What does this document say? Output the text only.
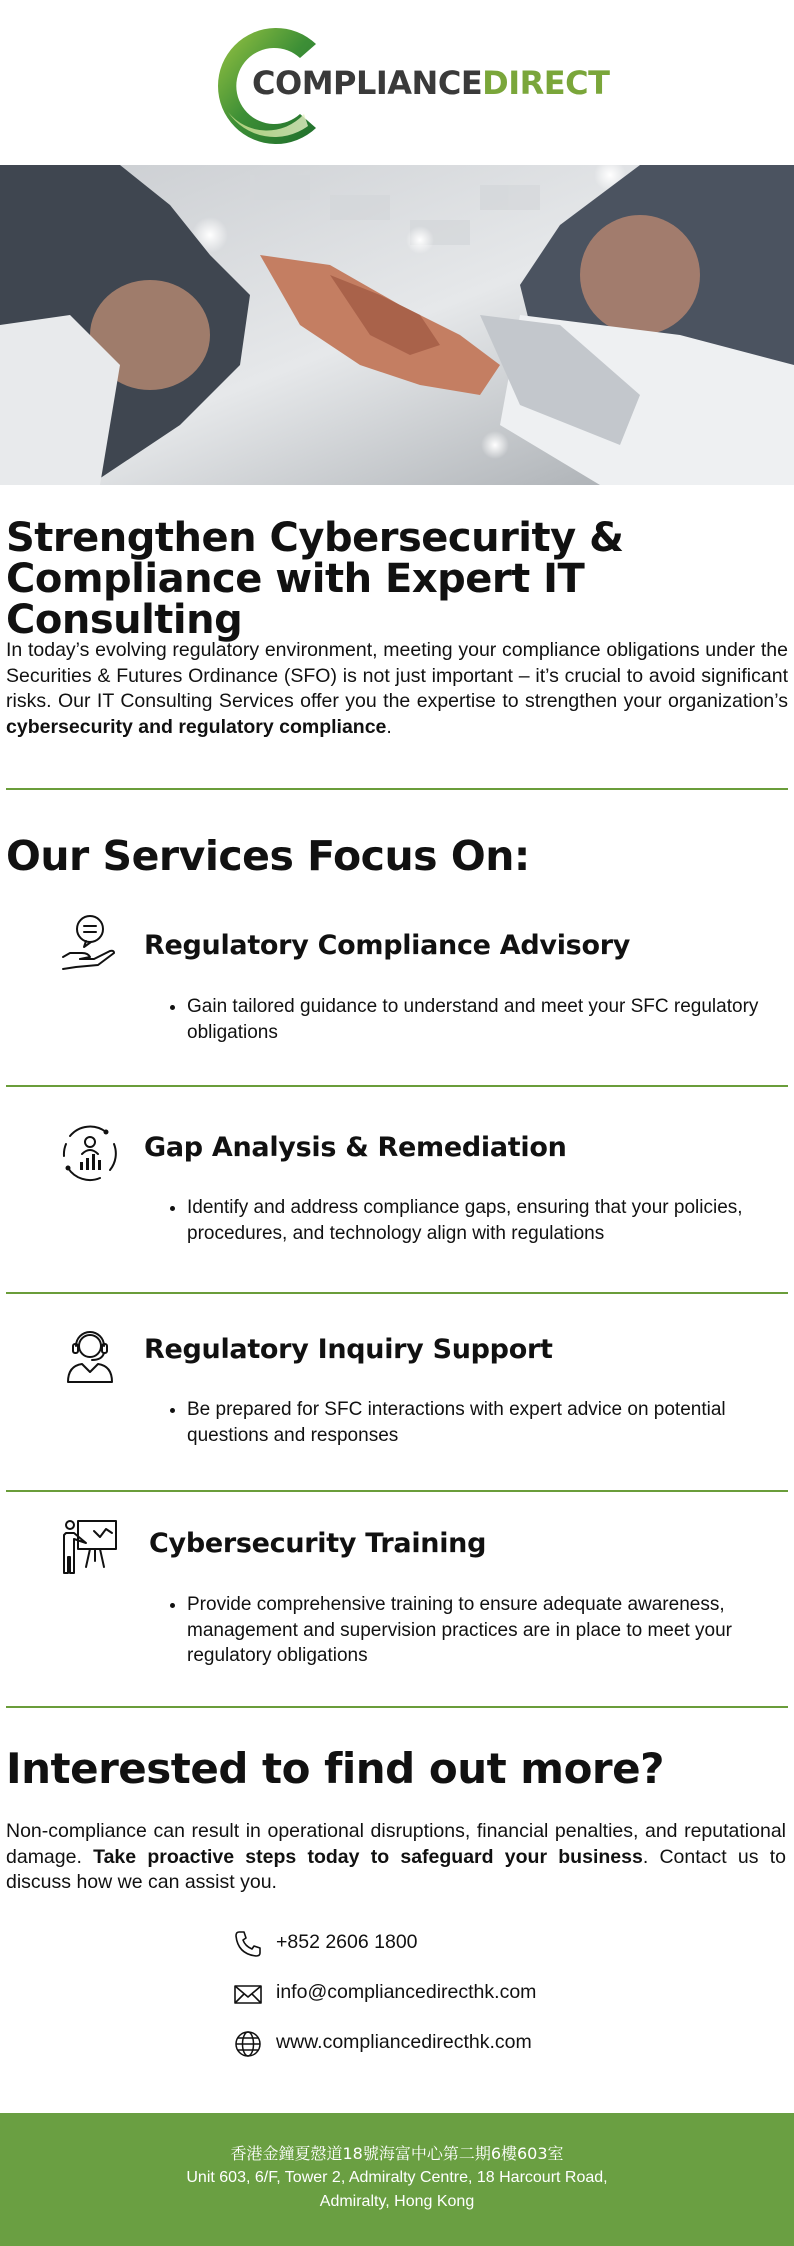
COMPLIANCEDIRECT
Strengthen Cybersecurity & Compliance with Expert IT Consulting

In today’s evolving regulatory environment, meeting your compliance obligations under the Securities & Futures Ordinance (SFO) is not just important – it’s crucial to avoid significant risks. Our IT Consulting Services offer you the expertise to strengthen your organization’s cybersecurity and regulatory compliance.

Our Services Focus On:
Regulatory Compliance Advisory
• Gain tailored guidance to understand and meet your SFC regulatory obligations
Gap Analysis & Remediation
• Identify and address compliance gaps, ensuring that your policies, procedures, and technology align with regulations
Regulatory Inquiry Support
• Be prepared for SFC interactions with expert advice on potential questions and responses
Cybersecurity Training
• Provide comprehensive training to ensure adequate awareness, management and supervision practices are in place to meet your regulatory obligations
Interested to find out more?

Non-compliance can result in operational disruptions, financial penalties, and reputational damage. Take proactive steps today to safeguard your business. Contact us to discuss how we can assist you.

+852 2606 1800
info@compliancedirecthk.com
www.compliancedirecthk.com
香港金鐘夏慤道18號海富中心第二期6樓603室
Unit 603, 6/F, Tower 2, Admiralty Centre, 18 Harcourt Road,
Admiralty, Hong Kong
